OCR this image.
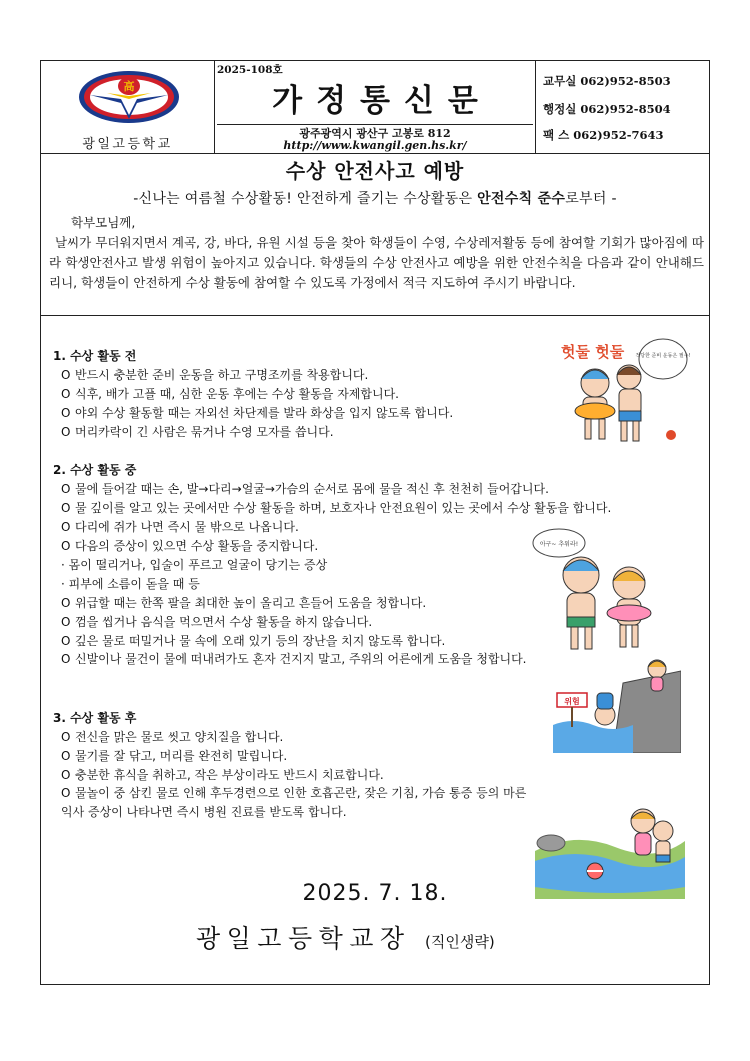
高
광일고등학교
2025-108호
가정통신문
광주광역시 광산구 고봉로 812
http://www.kwangil.gen.hs.kr/
교무실 062)952-8503
행정실 062)952-8504
팩 스 062)952-7643
수상 안전사고 예방
-신나는 여름철 수상활동! 안전하게 즐기는 수상활동은 안전수칙 준수로부터 -
학부모님께,
날씨가 무더워지면서 계곡, 강, 바다, 유원 시설 등을 찾아 학생들이 수영, 수상레저활동 등에 참여할 기회가 많아짐에 따라 학생안전사고 발생 위험이 높아지고 있습니다. 학생들의 수상 안전사고 예방을 위한 안전수칙을 다음과 같이 안내해드리니, 학생들이 안전하게 수상 활동에 참여할 수 있도록 가정에서 적극 지도하여 주시기 바랍니다.
1. 수상 활동 전
O 반드시 충분한 준비 운동을 하고 구명조끼를 착용합니다.
O 식후, 배가 고플 때, 심한 운동 후에는 수상 활동을 자제합니다.
O 야외 수상 활동할 때는 자외선 차단제를 발라 화상을 입지 않도록 합니다.
O 머리카락이 긴 사람은 묶거나 수영 모자를 씁니다.
2. 수상 활동 중
O 물에 들어갈 때는 손, 발→다리→얼굴→가슴의 순서로 몸에 물을 적신 후 천천히 들어갑니다.
O 물 깊이를 알고 있는 곳에서만 수상 활동을 하며, 보호자나 안전요원이 있는 곳에서 수상 활동을 합니다.
O 다리에 쥐가 나면 즉시 물 밖으로 나옵니다.
O 다음의 증상이 있으면 수상 활동을 중지합니다.
· 몸이 떨리거나, 입술이 푸르고 얼굴이 당기는 증상
· 피부에 소름이 돋을 때 등
O 위급할 때는 한쪽 팔을 최대한 높이 올리고 흔들어 도움을 청합니다.
O 껌을 씹거나 음식을 먹으면서 수상 활동을 하지 않습니다.
O 깊은 물로 떠밀거나 물 속에 오래 있기 등의 장난을 치지 않도록 합니다.
O 신발이나 물건이 물에 떠내려가도 혼자 건지지 말고, 주위의 어른에게 도움을 청합니다.
3. 수상 활동 후
O 전신을 맑은 물로 씻고 양치질을 합니다.
O 물기를 잘 닦고, 머리를 완전히 말립니다.
O 충분한 휴식을 취하고, 작은 부상이라도 반드시 치료합니다.
O 물놀이 중 삼킨 물로 인해 후두경련으로 인한 호흡곤란, 잦은 기침, 가슴 통증 등의 마른 익사 증상이 나타나면 즉시 병원 진료를 받도록 합니다.
헛둘 헛둘 적당한 준비 운동은 필수!
아구~ 추워라!
위험
2025. 7. 18.
광일고등학교장 (직인생략)
